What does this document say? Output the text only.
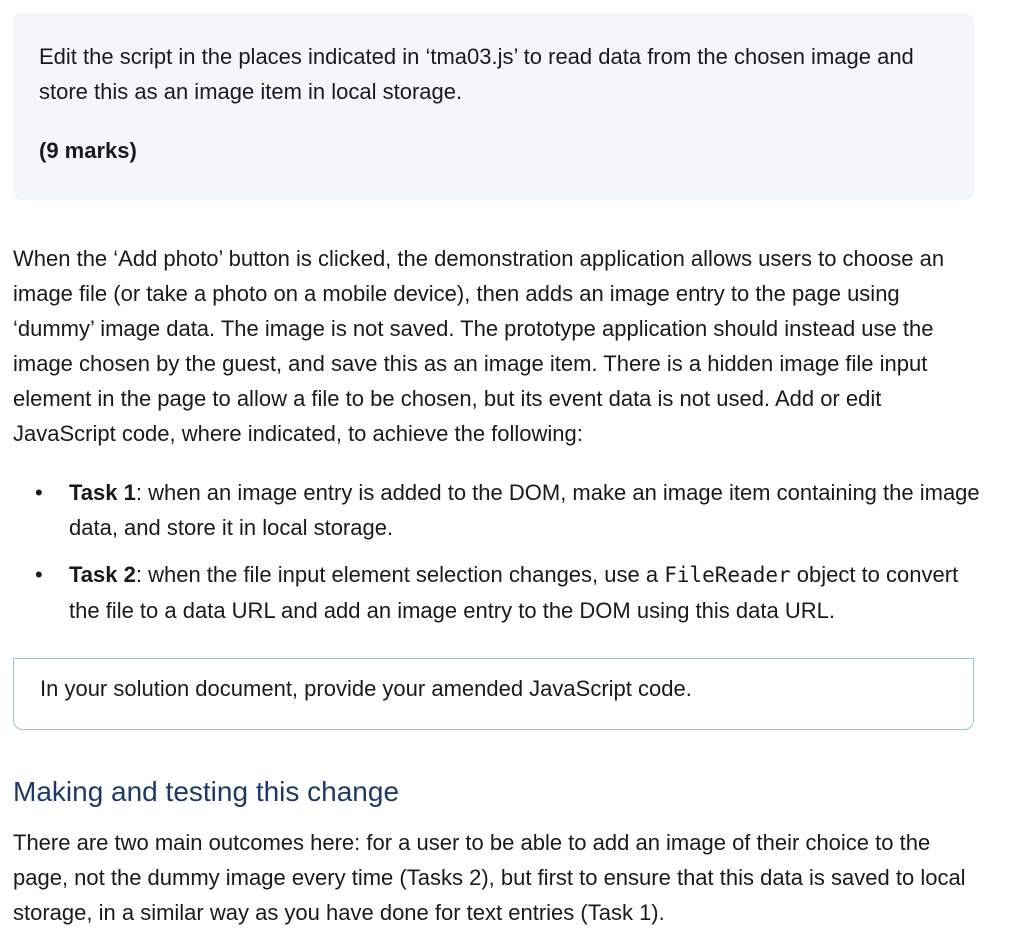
Edit the script in the places indicated in ‘tma03.js’ to read data from the chosen image and store this as an image item in local storage.

(9 marks)

When the ‘Add photo’ button is clicked, the demonstration application allows users to choose an image file (or take a photo on a mobile device), then adds an image entry to the page using ‘dummy’ image data. The image is not saved. The prototype application should instead use the image chosen by the guest, and save this as an image item. There is a hidden image file input element in the page to allow a file to be chosen, but its event data is not used. Add or edit JavaScript code, where indicated, to achieve the following:

• Task 1: when an image entry is added to the DOM, make an image item containing the image data, and store it in local storage.
• Task 2: when the file input element selection changes, use a FileReader object to convert the file to a data URL and add an image entry to the DOM using this data URL.
In your solution document, provide your amended JavaScript code.
Making and testing this change

There are two main outcomes here: for a user to be able to add an image of their choice to the page, not the dummy image every time (Tasks 2), but first to ensure that this data is saved to local storage, in a similar way as you have done for text entries (Task 1).
